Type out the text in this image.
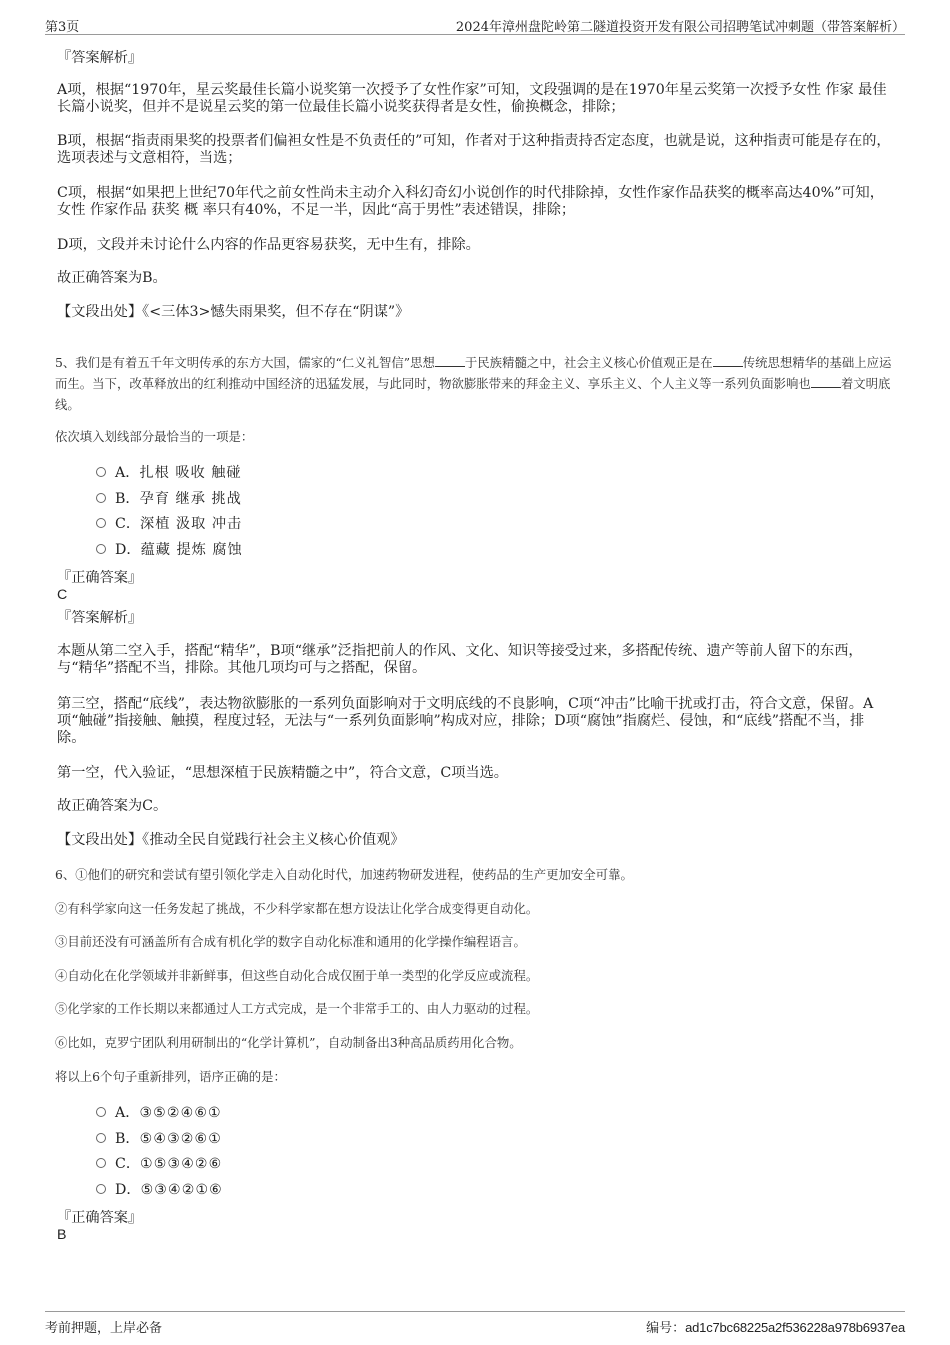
第3页	2024年漳州盘陀岭第二隧道投资开发有限公司招聘笔试冲刺题（带答案解析）
『答案解析』
A项，根据“1970年，星云奖最佳长篇小说奖第一次授予了女性作家”可知，文段强调的是在1970年星云奖第一次授予女性 作家 最佳长篇小说奖，但并不是说星云奖的第一位最佳长篇小说奖获得者是女性，偷换概念，排除；
B项，根据“指责雨果奖的投票者们偏袒女性是不负责任的”可知，作者对于这种指责持否定态度，也就是说，这种指责可能是存在的，选项表述与文意相符，当选；
C项，根据“如果把上世纪70年代之前女性尚未主动介入科幻奇幻小说创作的时代排除掉，女性作家作品获奖的概率高达40%”可知，女性 作家作品 获奖 概 率只有40%，不足一半，因此“高于男性”表述错误，排除；
D项，文段并未讨论什么内容的作品更容易获奖，无中生有，排除。
故正确答案为B。
【文段出处】《<三体3>憾失雨果奖，但不存在“阴谋”》
5、我们是有着五千年文明传承的东方大国，儒家的“仁义礼智信”思想 于民族精髓之中，社会主义核心价值观正是在 传统思想精华的基础上应运而生。当下，改革释放出的红利推动中国经济的迅猛发展，与此同时，物欲膨胀带来的拜金主义、享乐主义、个人主义等一系列负面影响也 着文明底线。
依次填入划线部分最恰当的一项是：
A．扎根 吸收 触碰
B．孕育 继承 挑战
C．深植 汲取 冲击
D．蕴藏 提炼 腐蚀
『正确答案』
C
『答案解析』
本题从第二空入手，搭配“精华”，B项“继承”泛指把前人的作风、文化、知识等接受过来，多搭配传统、遗产等前人留下的东西，与“精华”搭配不当，排除。其他几项均可与之搭配，保留。
第三空，搭配“底线”，表达物欲膨胀的一系列负面影响对于文明底线的不良影响，C项“冲击”比喻干扰或打击，符合文意，保留。A项“触碰”指接触、触摸，程度过轻，无法与“一系列负面影响”构成对应，排除；D项“腐蚀”指腐烂、侵蚀，和“底线”搭配不当，排除。
第一空，代入验证，“思想深植于民族精髓之中”，符合文意，C项当选。
故正确答案为C。
【文段出处】《推动全民自觉践行社会主义核心价值观》
6、①他们的研究和尝试有望引领化学走入自动化时代，加速药物研发进程，使药品的生产更加安全可靠。
②有科学家向这一任务发起了挑战，不少科学家都在想方设法让化学合成变得更自动化。
③目前还没有可涵盖所有合成有机化学的数字自动化标准和通用的化学操作编程语言。
④自动化在化学领域并非新鲜事，但这些自动化合成仅囿于单一类型的化学反应或流程。
⑤化学家的工作长期以来都通过人工方式完成，是一个非常手工的、由人力驱动的过程。
⑥比如，克罗宁团队利用研制出的“化学计算机”，自动制备出3种高品质药用化合物。
将以上6个句子重新排列，语序正确的是：
A．③⑤②④⑥①
B．⑤④③②⑥①
C．①⑤③④②⑥
D．⑤③④②①⑥
『正确答案』
B
考前押题，上岸必备	编号：ad1c7bc68225a2f536228a978b6937ea
